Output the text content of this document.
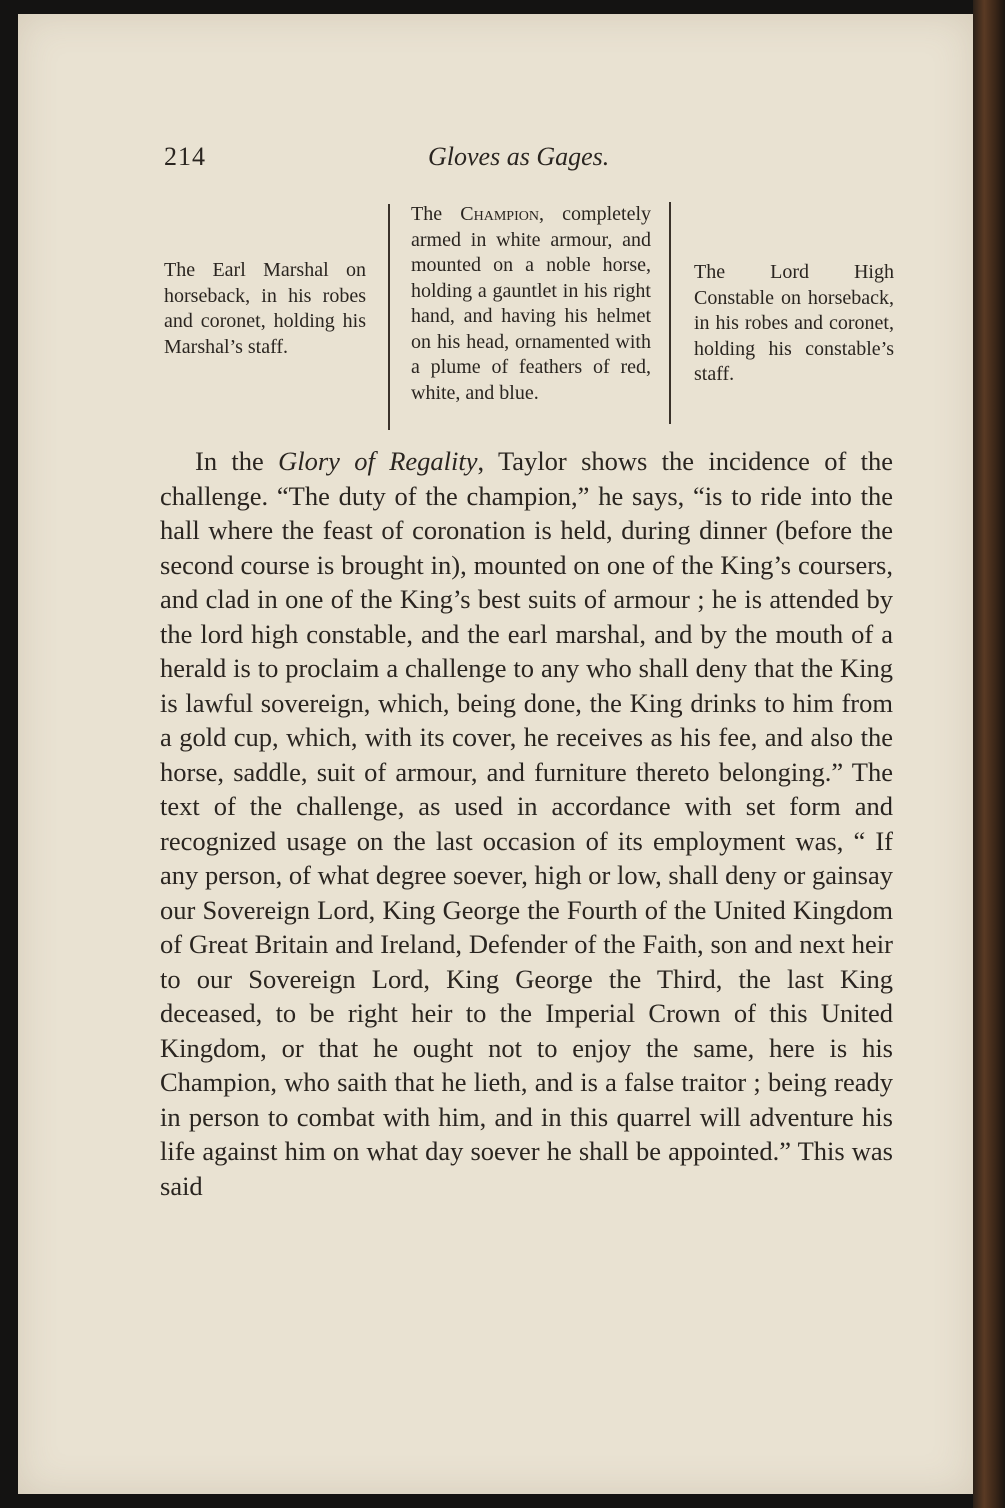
214	Gloves as Gages.
The Earl Marshal on horseback, in his robes and coronet, holding his Marshal’s staff.
The Champion, completely armed in white armour, and mounted on a noble horse, holding a gauntlet in his right hand, and having his helmet on his head, ornamented with a plume of feathers of red, white, and blue.
The Lord High Constable on horseback, in his robes and coronet, holding his constable’s staff.

In the Glory of Regality, Taylor shows the incidence of the challenge. “The duty of the champion,” he says, “is to ride into the hall where the feast of coronation is held, during dinner (before the second course is brought in), mounted on one of the King’s coursers, and clad in one of the King’s best suits of armour ; he is attended by the lord high constable, and the earl marshal, and by the mouth of a herald is to proclaim a challenge to any who shall deny that the King is lawful sovereign, which, being done, the King drinks to him from a gold cup, which, with its cover, he receives as his fee, and also the horse, saddle, suit of armour, and furniture thereto belonging.” The text of the challenge, as used in accordance with set form and recognized usage on the last occasion of its employment was, “ If any person, of what degree soever, high or low, shall deny or gainsay our Sovereign Lord, King George the Fourth of the United Kingdom of Great Britain and Ireland, Defender of the Faith, son and next heir to our Sovereign Lord, King George the Third, the last King deceased, to be right heir to the Imperial Crown of this United Kingdom, or that he ought not to enjoy the same, here is his Champion, who saith that he lieth, and is a false traitor ; being ready in person to combat with him, and in this quarrel will adventure his life against him on what day soever he shall be appointed.” This was said
